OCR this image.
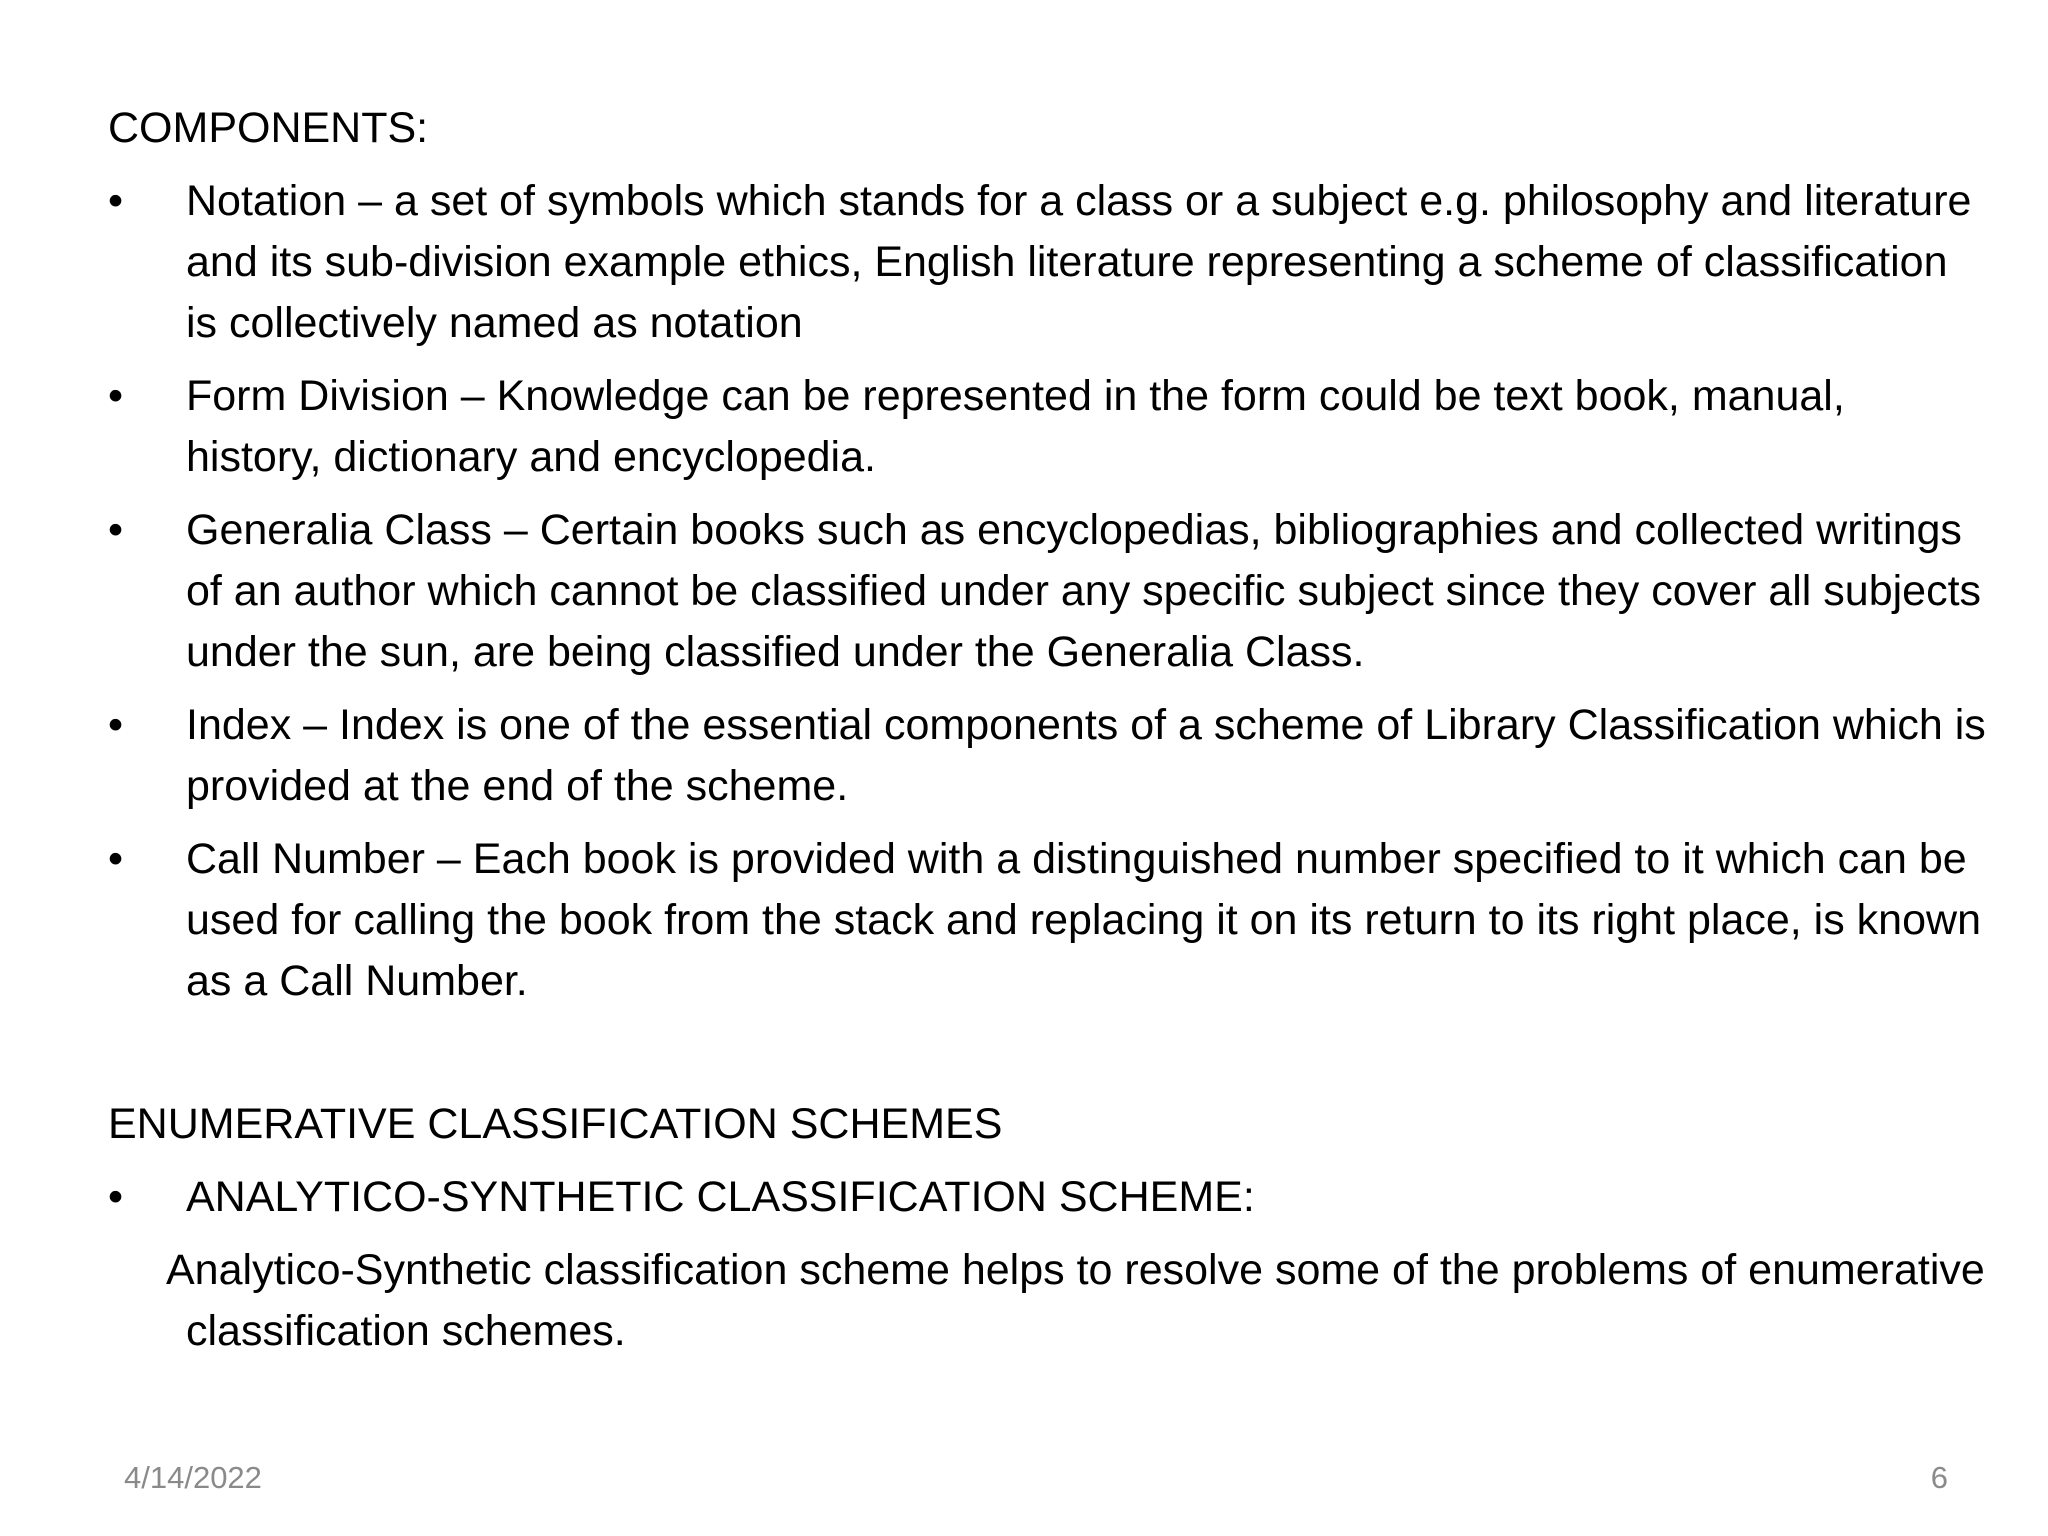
COMPONENTS:

•	Notation – a set of symbols which stands for a class or a subject e.g. philosophy and literature and its sub-division example ethics, English literature representing a scheme of classification is collectively named as notation
•	Form Division – Knowledge can be represented in the form could be text book, manual, history, dictionary and encyclopedia.
•	Generalia Class – Certain books such as encyclopedias, bibliographies and collected writings of an author which cannot be classified under any specific subject since they cover all subjects under the sun, are being classified under the Generalia Class.
•	Index – Index is one of the essential components of a scheme of Library Classification which is provided at the end of the scheme.
•	Call Number – Each book is provided with a distinguished number specified to it which can be used for calling the book from the stack and replacing it on its return to its right place, is known as a Call Number.

ENUMERATIVE CLASSIFICATION SCHEMES

•	ANALYTICO-SYNTHETIC CLASSIFICATION SCHEME:

Analytico-Synthetic classification scheme helps to resolve some of the problems of enumerative classification schemes.

4/14/2022	6
